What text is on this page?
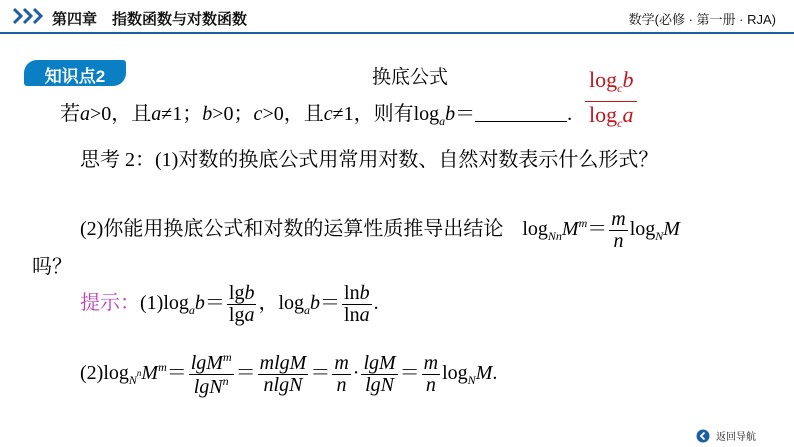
第四章　指数函数与对数函数	数学(必修 · 第一册 · RJA)
知识点2	换底公式	$\frac{\log_cb}{\log_ca}$
若a>0，且a≠1；b>0；c>0，且c≠1，则有$\log_ab=$	.
思考 2：(1)对数的换底公式用常用对数、自然对数表示什么形式？
(2)你能用换底公式和对数的运算性质推导出结论 $\log_{Nn}M^m= \frac{m}{n} \log_NM$
吗？
提示：$(1)\log_ab= \frac{\lg b}{\lg a}$ ，$\log_ab= \frac{\ln b}{\ln a}$ .
$(2)\log_{N^n}M^m= \frac{\lg M^m}{\lg N^n} = \frac{mlgM}{nlgN} = \frac{m}{n} \cdot \frac{\lg M}{\lg N} = \frac{m}{n} \log_NM$.
返回导航
